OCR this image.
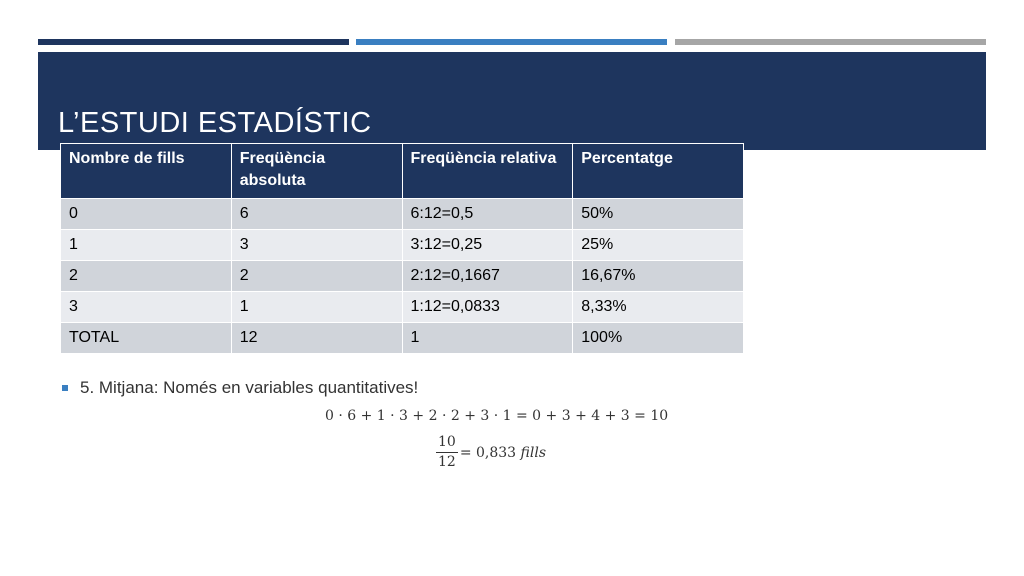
L’ESTUDI ESTADÍSTIC
Nombre de fills	Freqüència absoluta	Freqüència relativa	Percentatge
0	6	6:12=0,5	50%
1	3	3:12=0,25	25%
2	2	2:12=0,1667	16,67%
3	1	1:12=0,0833	8,33%
TOTAL	12	1	100%
5. Mitjana: Només en variables quantitatives!
0 · 6 + 1 · 3 + 2 · 2 + 3 · 1 = 0 + 3 + 4 + 3 = 10
$\frac{10}{12} = 0,833$
fills
